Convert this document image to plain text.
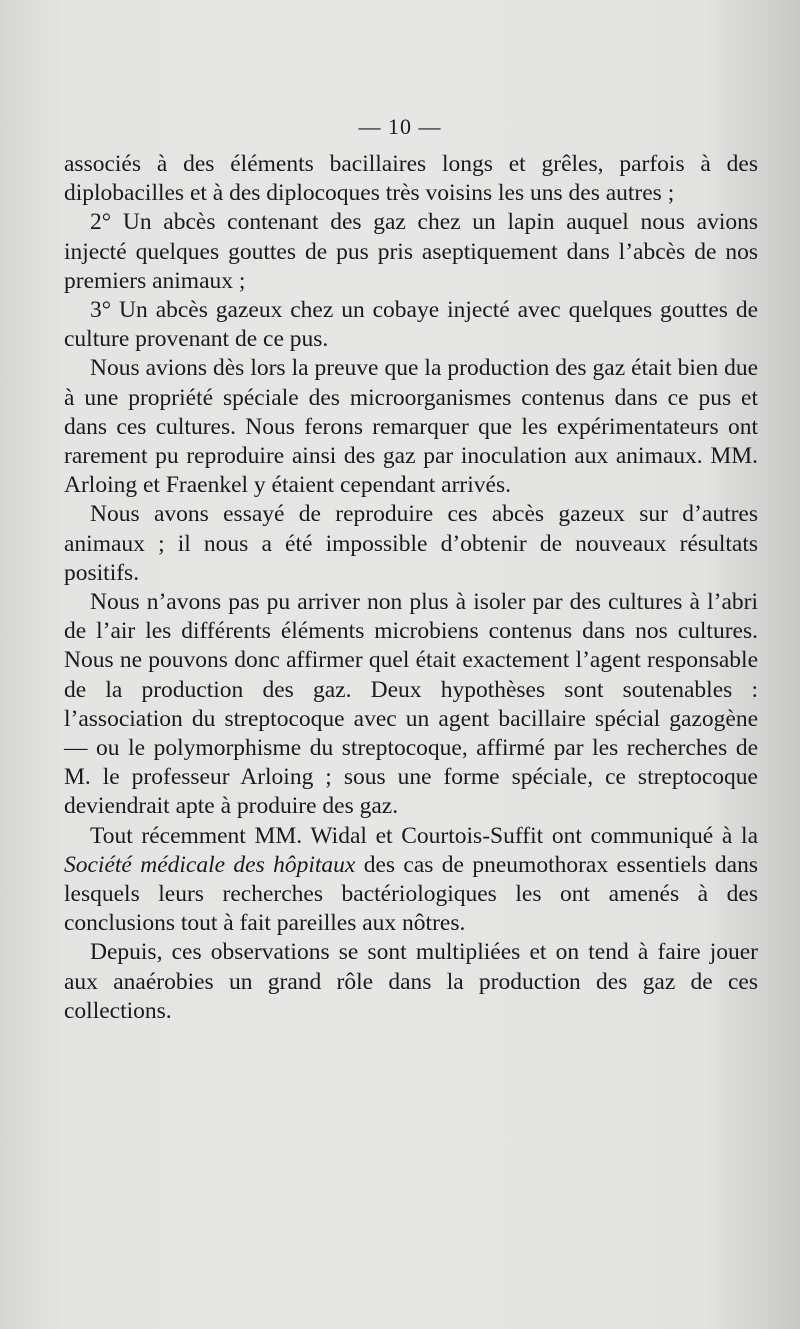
— 10 —

associés à des éléments bacillaires longs et grêles, parfois à des diplobacilles et à des diplocoques très voisins les uns des autres ;

2° Un abcès contenant des gaz chez un lapin auquel nous avions injecté quelques gouttes de pus pris aseptiquement dans l’abcès de nos premiers animaux ;

3° Un abcès gazeux chez un cobaye injecté avec quelques gouttes de culture provenant de ce pus.

Nous avions dès lors la preuve que la production des gaz était bien due à une propriété spéciale des microorganismes contenus dans ce pus et dans ces cultures. Nous ferons remarquer que les expérimentateurs ont rarement pu reproduire ainsi des gaz par inoculation aux animaux. MM. Arloing et Fraenkel y étaient cependant arrivés.

Nous avons essayé de reproduire ces abcès gazeux sur d’autres animaux ; il nous a été impossible d’obtenir de nouveaux résultats positifs.

Nous n’avons pas pu arriver non plus à isoler par des cultures à l’abri de l’air les différents éléments microbiens contenus dans nos cultures. Nous ne pouvons donc affirmer quel était exactement l’agent responsable de la production des gaz. Deux hypothèses sont soutenables : l’association du streptocoque avec un agent bacillaire spécial gazogène — ou le polymorphisme du streptocoque, affirmé par les recherches de M. le professeur Arloing ; sous une forme spéciale, ce streptocoque deviendrait apte à produire des gaz.

Tout récemment MM. Widal et Courtois-Suffit ont communiqué à la Société médicale des hôpitaux des cas de pneumothorax essentiels dans lesquels leurs recherches bactériologiques les ont amenés à des conclusions tout à fait pareilles aux nôtres.

Depuis, ces observations se sont multipliées et on tend à faire jouer aux anaérobies un grand rôle dans la production des gaz de ces collections.
